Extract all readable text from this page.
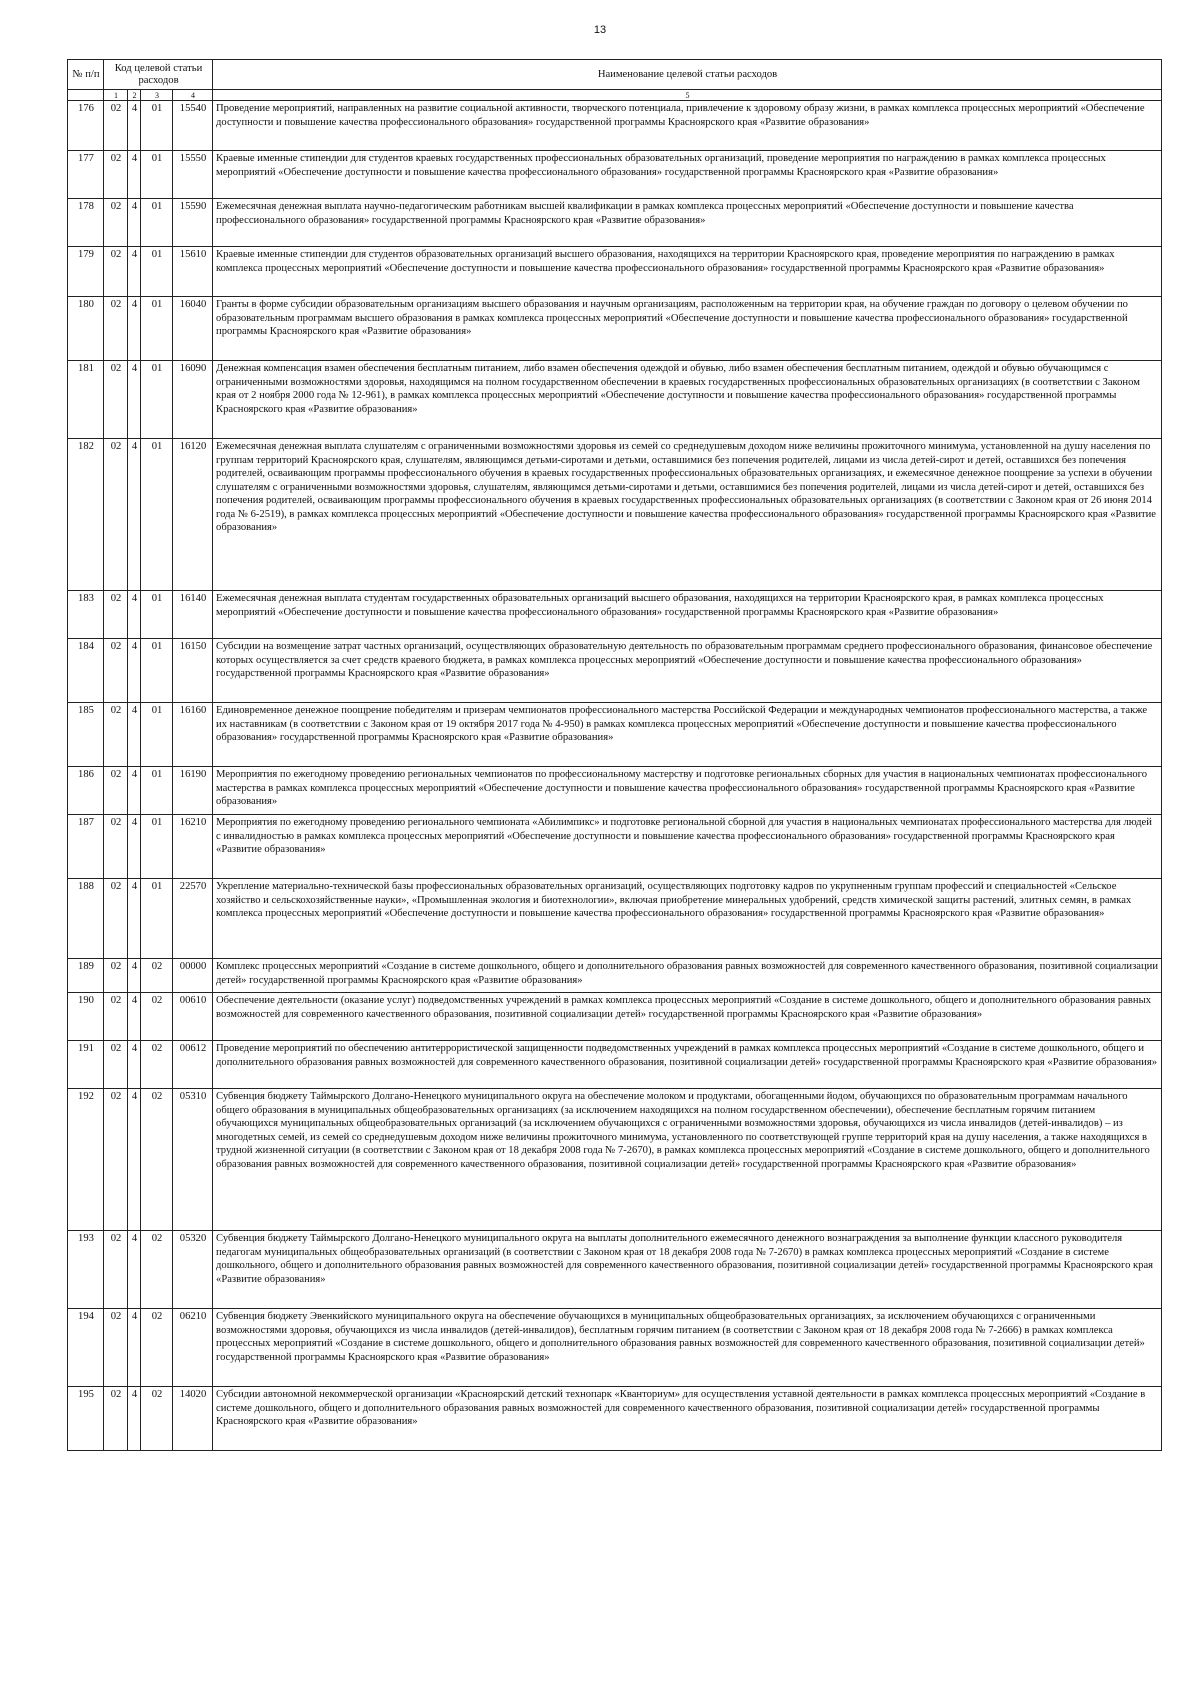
13
№ п/п	Код целевой статьи расходов				Наименование целевой статьи расходов
	1	2	3	4	5
176	02	4	01	15540	Проведение мероприятий, направленных на развитие социальной активности, творческого потенциала, привлечение к здоровому образу жизни, в рамках комплекса процессных мероприятий «Обеспечение доступности и повышение качества профессионального образования» государственной программы Красноярского края «Развитие образования»
177	02	4	01	15550	Краевые именные стипендии для студентов краевых государственных профессиональных образовательных организаций, проведение мероприятия по награждению в рамках комплекса процессных мероприятий «Обеспечение доступности и повышение качества профессионального образования» государственной программы Красноярского края «Развитие образования»
178	02	4	01	15590	Ежемесячная денежная выплата научно-педагогическим работникам высшей квалификации в рамках комплекса процессных мероприятий «Обеспечение доступности и повышение качества профессионального образования» государственной программы Красноярского края «Развитие образования»
179	02	4	01	15610	Краевые именные стипендии для студентов образовательных организаций высшего образования, находящихся на территории Красноярского края, проведение мероприятия по награждению в рамках комплекса процессных мероприятий «Обеспечение доступности и повышение качества профессионального образования» государственной программы Красноярского края «Развитие образования»
180	02	4	01	16040	Гранты в форме субсидии образовательным организациям высшего образования и научным организациям, расположенным на территории края, на обучение граждан по договору о целевом обучении по образовательным программам высшего образования в рамках комплекса процессных мероприятий «Обеспечение доступности и повышение качества профессионального образования» государственной программы Красноярского края «Развитие образования»
181	02	4	01	16090	Денежная компенсация взамен обеспечения бесплатным питанием, либо взамен обеспечения одеждой и обувью, либо взамен обеспечения бесплатным питанием, одеждой и обувью обучающимся с ограниченными возможностями здоровья, находящимся на полном государственном обеспечении в краевых государственных профессиональных образовательных организациях (в соответствии с Законом края от 2 ноября 2000 года № 12-961), в рамках комплекса процессных мероприятий «Обеспечение доступности и повышение качества профессионального образования» государственной программы Красноярского края «Развитие образования»
182	02	4	01	16120	Ежемесячная денежная выплата слушателям с ограниченными возможностями здоровья из семей со среднедушевым доходом ниже величины прожиточного минимума, установленной на душу населения по группам территорий Красноярского края, слушателям, являющимся детьми-сиротами и детьми, оставшимися без попечения родителей, лицами из числа детей-сирот и детей, оставшихся без попечения родителей, осваивающим программы профессионального обучения в краевых государственных профессиональных образовательных организациях, и ежемесячное денежное поощрение за успехи в обучении слушателям с ограниченными возможностями здоровья, слушателям, являющимся детьми-сиротами и детьми, оставшимися без попечения родителей, лицами из числа детей-сирот и детей, оставшихся без попечения родителей, осваивающим программы профессионального обучения в краевых государственных профессиональных образовательных организациях (в соответствии с Законом края от 26 июня 2014 года № 6-2519), в рамках комплекса процессных мероприятий «Обеспечение доступности и повышение качества профессионального образования» государственной программы Красноярского края «Развитие образования»
183	02	4	01	16140	Ежемесячная денежная выплата студентам государственных образовательных организаций высшего образования, находящихся на территории Красноярского края, в рамках комплекса процессных мероприятий «Обеспечение доступности и повышение качества профессионального образования» государственной программы Красноярского края «Развитие образования»
184	02	4	01	16150	Субсидии на возмещение затрат частных организаций, осуществляющих образовательную деятельность по образовательным программам среднего профессионального образования, финансовое обеспечение которых осуществляется за счет средств краевого бюджета, в рамках комплекса процессных мероприятий «Обеспечение доступности и повышение качества профессионального образования» государственной программы Красноярского края «Развитие образования»
185	02	4	01	16160	Единовременное денежное поощрение победителям и призерам чемпионатов профессионального мастерства Российской Федерации и международных чемпионатов профессионального мастерства, а также их наставникам (в соответствии с Законом края от 19 октября 2017 года № 4-950) в рамках комплекса процессных мероприятий «Обеспечение доступности и повышение качества профессионального образования» государственной программы Красноярского края «Развитие образования»
186	02	4	01	16190	Мероприятия по ежегодному проведению региональных чемпионатов по профессиональному мастерству и подготовке региональных сборных для участия в национальных чемпионатах профессионального мастерства в рамках комплекса процессных мероприятий «Обеспечение доступности и повышение качества профессионального образования» государственной программы Красноярского края «Развитие образования»
187	02	4	01	16210	Мероприятия по ежегодному проведению регионального чемпионата «Абилимпикс» и подготовке региональной сборной для участия в национальных чемпионатах профессионального мастерства для людей с инвалидностью в рамках комплекса процессных мероприятий «Обеспечение доступности и повышение качества профессионального образования» государственной программы Красноярского края «Развитие образования»
188	02	4	01	22570	Укрепление материально-технической базы профессиональных образовательных организаций, осуществляющих подготовку кадров по укрупненным группам профессий и специальностей «Сельское хозяйство и сельскохозяйственные науки», «Промышленная экология и биотехнологии», включая приобретение минеральных удобрений, средств химической защиты растений, элитных семян, в рамках комплекса процессных мероприятий «Обеспечение доступности и повышение качества профессионального образования» государственной программы Красноярского края «Развитие образования»
189	02	4	02	00000	Комплекс процессных мероприятий «Создание в системе дошкольного, общего и дополнительного образования равных возможностей для современного качественного образования, позитивной социализации детей» государственной программы Красноярского края «Развитие образования»
190	02	4	02	00610	Обеспечение деятельности (оказание услуг) подведомственных учреждений в рамках комплекса процессных мероприятий «Создание в системе дошкольного, общего и дополнительного образования равных возможностей для современного качественного образования, позитивной социализации детей» государственной программы Красноярского края «Развитие образования»
191	02	4	02	00612	Проведение мероприятий по обеспечению антитеррористической защищенности подведомственных учреждений в рамках комплекса процессных мероприятий «Создание в системе дошкольного, общего и дополнительного образования равных возможностей для современного качественного образования, позитивной социализации детей» государственной программы Красноярского края «Развитие образования»
192	02	4	02	05310	Субвенция бюджету Таймырского Долгано-Ненецкого муниципального округа на обеспечение молоком и продуктами, обогащенными йодом, обучающихся по образовательным программам начального общего образования в муниципальных общеобразовательных организациях (за исключением находящихся на полном государственном обеспечении), обеспечение бесплатным горячим питанием обучающихся муниципальных общеобразовательных организаций (за исключением обучающихся с ограниченными возможностями здоровья, обучающихся из числа инвалидов (детей-инвалидов) – из многодетных семей, из семей со среднедушевым доходом ниже величины прожиточного минимума, установленного по соответствующей группе территорий края на душу населения, а также находящихся в трудной жизненной ситуации (в соответствии с Законом края от 18 декабря 2008 года № 7-2670), в рамках комплекса процессных мероприятий «Создание в системе дошкольного, общего и дополнительного образования равных возможностей для современного качественного образования, позитивной социализации детей» государственной программы Красноярского края «Развитие образования»
193	02	4	02	05320	Субвенция бюджету Таймырского Долгано-Ненецкого муниципального округа на выплаты дополнительного ежемесячного денежного вознаграждения за выполнение функции классного руководителя педагогам муниципальных общеобразовательных организаций (в соответствии с Законом края от 18 декабря 2008 года № 7-2670) в рамках комплекса процессных мероприятий «Создание в системе дошкольного, общего и дополнительного образования равных возможностей для современного качественного образования, позитивной социализации детей» государственной программы Красноярского края «Развитие образования»
194	02	4	02	06210	Субвенция бюджету Эвенкийского муниципального округа на обеспечение обучающихся в муниципальных общеобразовательных организациях, за исключением обучающихся с ограниченными возможностями здоровья, обучающихся из числа инвалидов (детей-инвалидов), бесплатным горячим питанием (в соответствии с Законом края от 18 декабря 2008 года № 7-2666) в рамках комплекса процессных мероприятий «Создание в системе дошкольного, общего и дополнительного образования равных возможностей для современного качественного образования, позитивной социализации детей» государственной программы Красноярского края «Развитие образования»
195	02	4	02	14020	Субсидии автономной некоммерческой организации «Красноярский детский технопарк «Кванториум» для осуществления уставной деятельности в рамках комплекса процессных мероприятий «Создание в системе дошкольного, общего и дополнительного образования равных возможностей для современного качественного образования, позитивной социализации детей» государственной программы Красноярского края «Развитие образования»
